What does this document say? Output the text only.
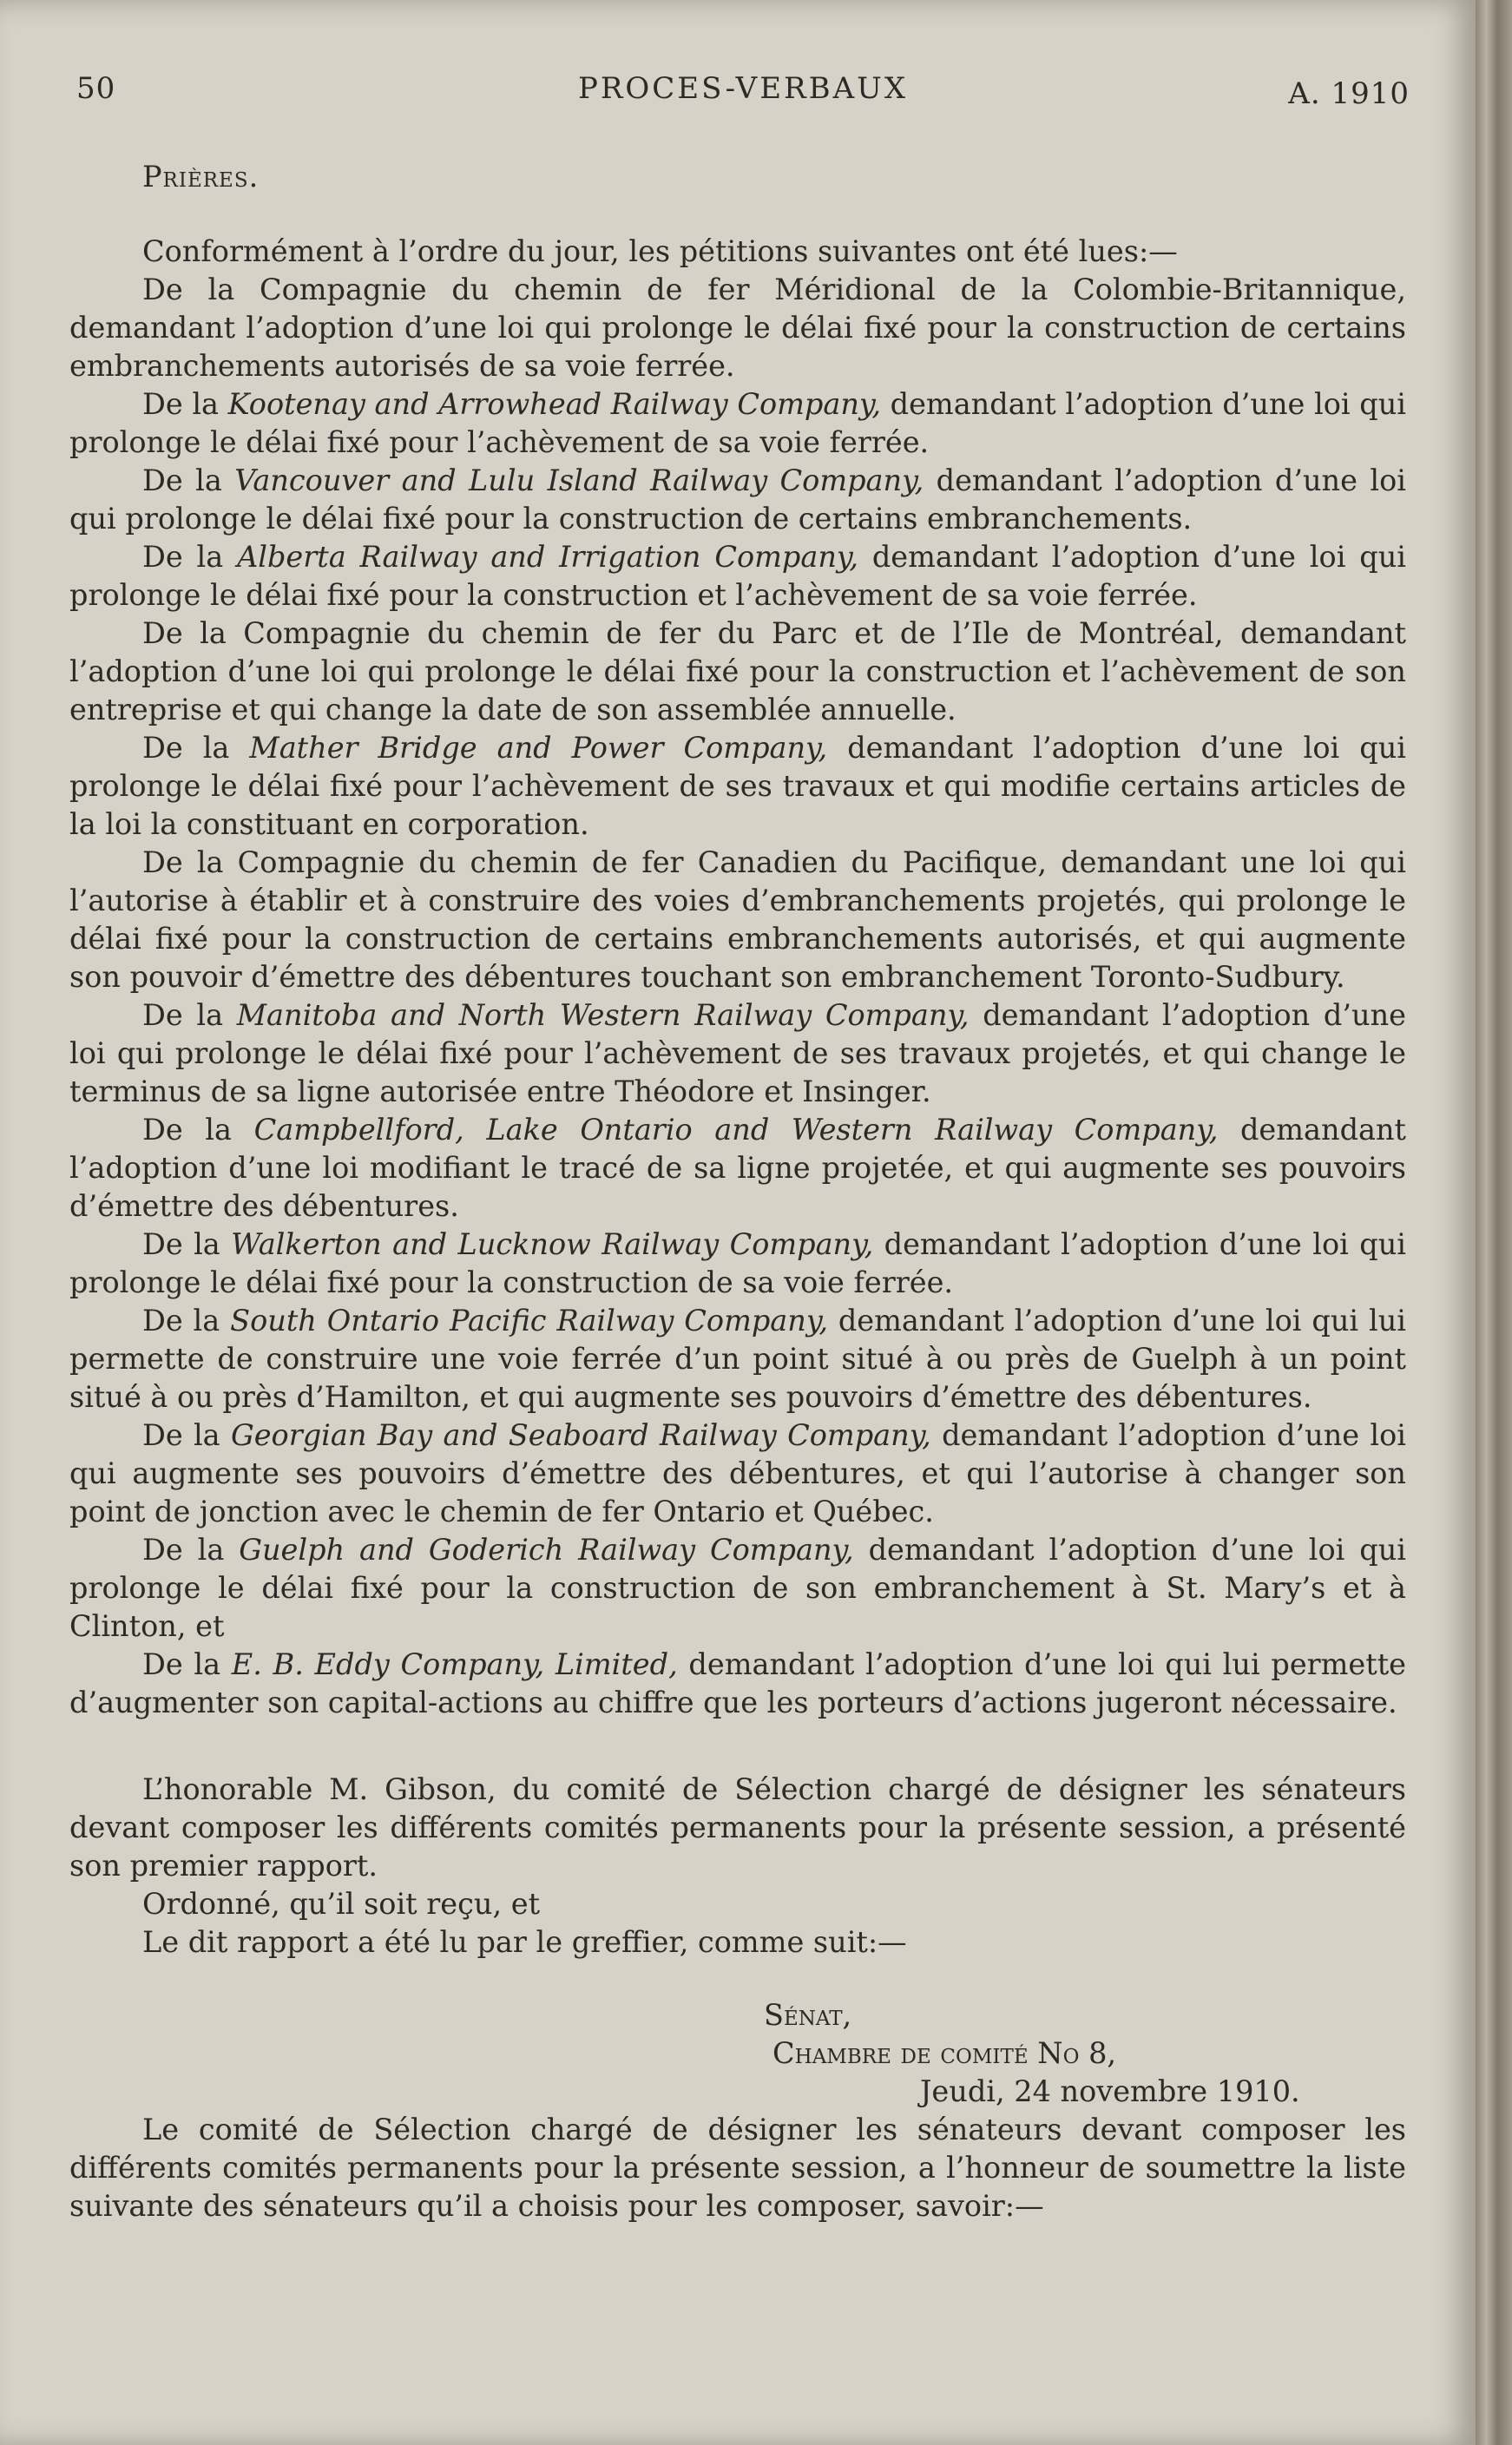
50	PROCES-VERBAUX	A. 1910

Prières.

Conformément à l’ordre du jour, les pétitions suivantes ont été lues:—

De la Compagnie du chemin de fer Méridional de la Colombie-Britannique, demandant l’adoption d’une loi qui prolonge le délai fixé pour la construction de certains embranchements autorisés de sa voie ferrée.

De la Kootenay and Arrowhead Railway Company, demandant l’adoption d’une loi qui prolonge le délai fixé pour l’achèvement de sa voie ferrée.

De la Vancouver and Lulu Island Railway Company, demandant l’adoption d’une loi qui prolonge le délai fixé pour la construction de certains embranchements.

De la Alberta Railway and Irrigation Company, demandant l’adoption d’une loi qui prolonge le délai fixé pour la construction et l’achèvement de sa voie ferrée.

De la Compagnie du chemin de fer du Parc et de l’Ile de Montréal, demandant l’adoption d’une loi qui prolonge le délai fixé pour la construction et l’achèvement de son entreprise et qui change la date de son assemblée annuelle.

De la Mather Bridge and Power Company, demandant l’adoption d’une loi qui prolonge le délai fixé pour l’achèvement de ses travaux et qui modifie certains articles de la loi la constituant en corporation.

De la Compagnie du chemin de fer Canadien du Pacifique, demandant une loi qui l’autorise à établir et à construire des voies d’embranchements projetés, qui prolonge le délai fixé pour la construction de certains embranchements autorisés, et qui augmente son pouvoir d’émettre des débentures touchant son embranchement Toronto-Sudbury.

De la Manitoba and North Western Railway Company, demandant l’adoption d’une loi qui prolonge le délai fixé pour l’achèvement de ses travaux projetés, et qui change le terminus de sa ligne autorisée entre Théodore et Insinger.

De la Campbellford, Lake Ontario and Western Railway Company, demandant l’adoption d’une loi modifiant le tracé de sa ligne projetée, et qui augmente ses pouvoirs d’émettre des débentures.

De la Walkerton and Lucknow Railway Company, demandant l’adoption d’une loi qui prolonge le délai fixé pour la construction de sa voie ferrée.

De la South Ontario Pacific Railway Company, demandant l’adoption d’une loi qui lui permette de construire une voie ferrée d’un point situé à ou près de Guelph à un point situé à ou près d’Hamilton, et qui augmente ses pouvoirs d’émettre des débentures.

De la Georgian Bay and Seaboard Railway Company, demandant l’adoption d’une loi qui augmente ses pouvoirs d’émettre des débentures, et qui l’autorise à changer son point de jonction avec le chemin de fer Ontario et Québec.

De la Guelph and Goderich Railway Company, demandant l’adoption d’une loi qui prolonge le délai fixé pour la construction de son embranchement à St. Mary’s et à Clinton, et

De la E. B. Eddy Company, Limited, demandant l’adoption d’une loi qui lui permette d’augmenter son capital-actions au chiffre que les porteurs d’actions jugeront nécessaire.

L’honorable M. Gibson, du comité de Sélection chargé de désigner les sénateurs devant composer les différents comités permanents pour la présente session, a présenté son premier rapport.

Ordonné, qu’il soit reçu, et

Le dit rapport a été lu par le greffier, comme suit:—

Sénat,

Chambre de comité No 8,

Jeudi, 24 novembre 1910.

Le comité de Sélection chargé de désigner les sénateurs devant composer les différents comités permanents pour la présente session, a l’honneur de soumettre la liste suivante des sénateurs qu’il a choisis pour les composer, savoir:—
